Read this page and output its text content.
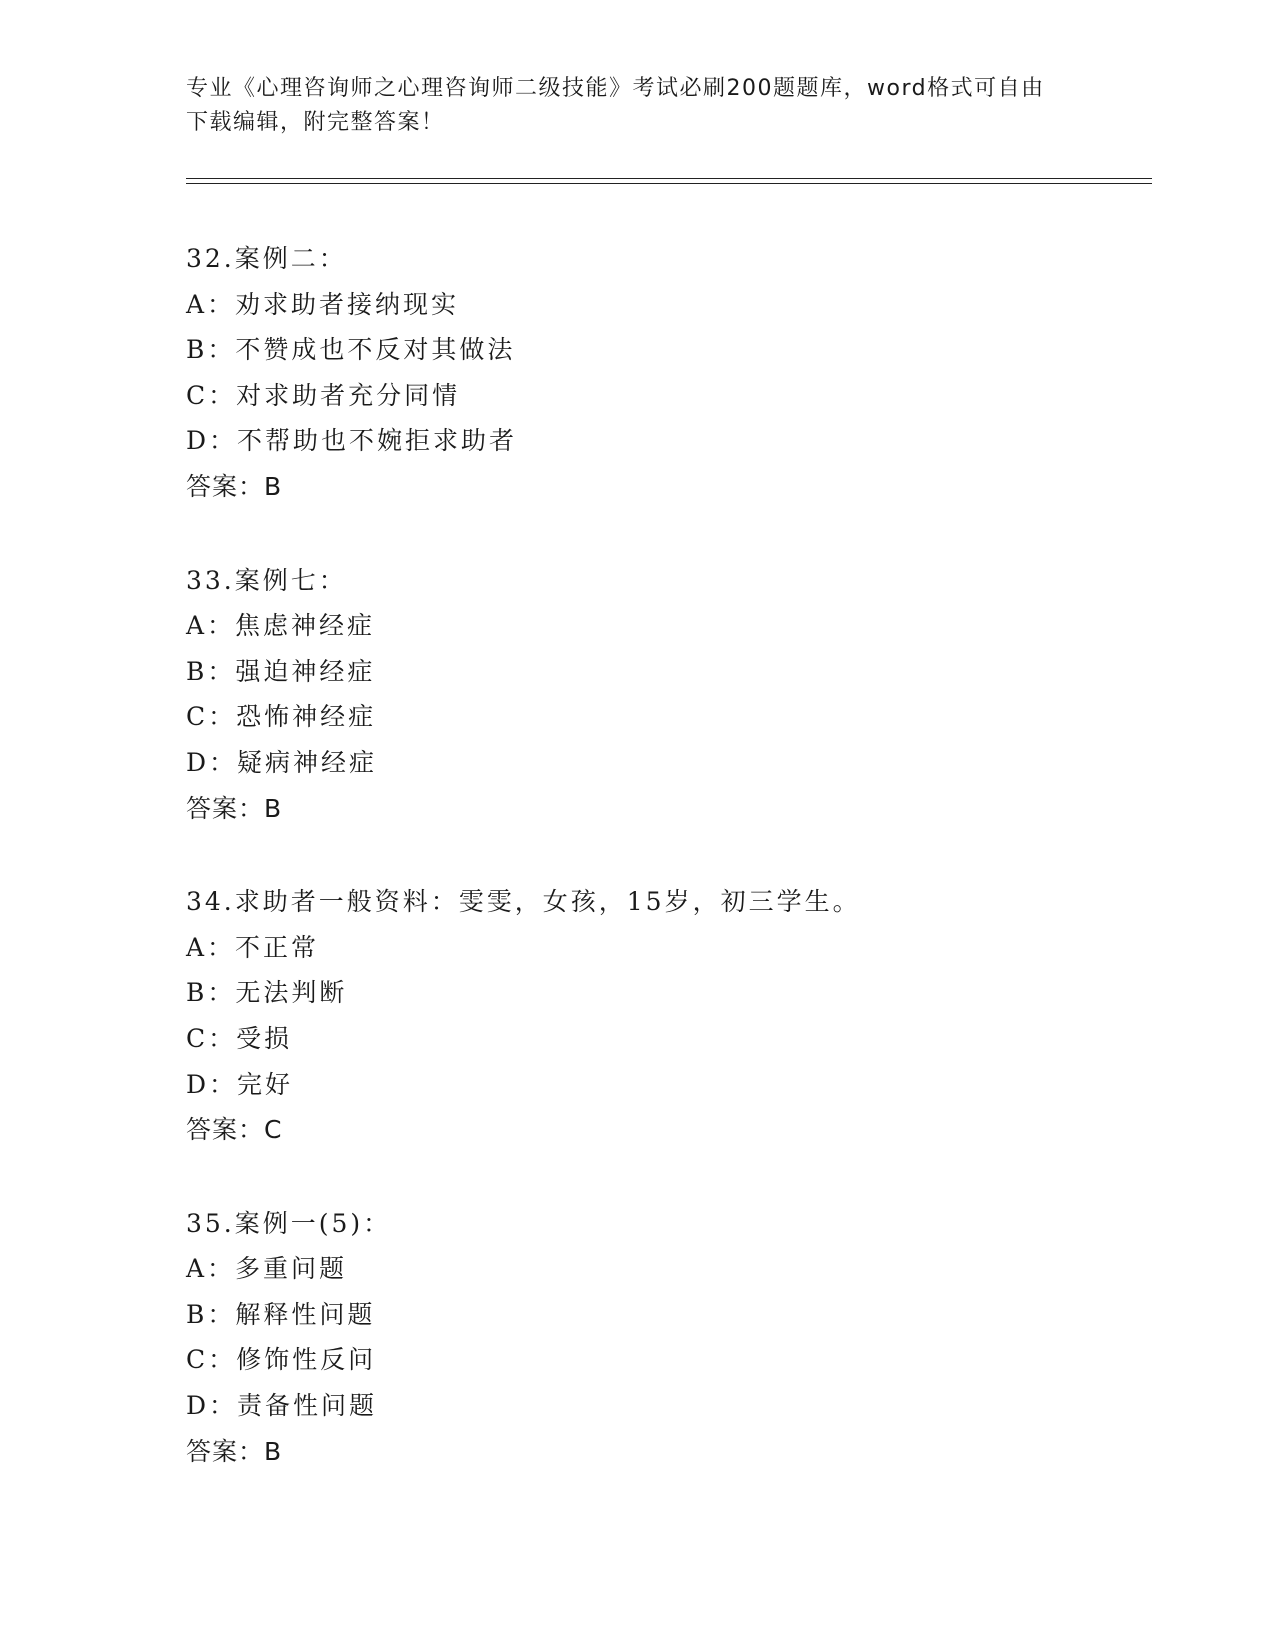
专业《心理咨询师之心理咨询师二级技能》考试必刷200题题库，word格式可自由下载编辑，附完整答案！
32.案例二：
A：劝求助者接纳现实
B：不赞成也不反对其做法
C：对求助者充分同情
D：不帮助也不婉拒求助者
答案：B
33.案例七：
A：焦虑神经症
B：强迫神经症
C：恐怖神经症
D：疑病神经症
答案：B
34.求助者一般资料：雯雯，女孩，15岁，初三学生。
A：不正常
B：无法判断
C：受损
D：完好
答案：C
35.案例一(5)：
A：多重问题
B：解释性问题
C：修饰性反问
D：责备性问题
答案：B
